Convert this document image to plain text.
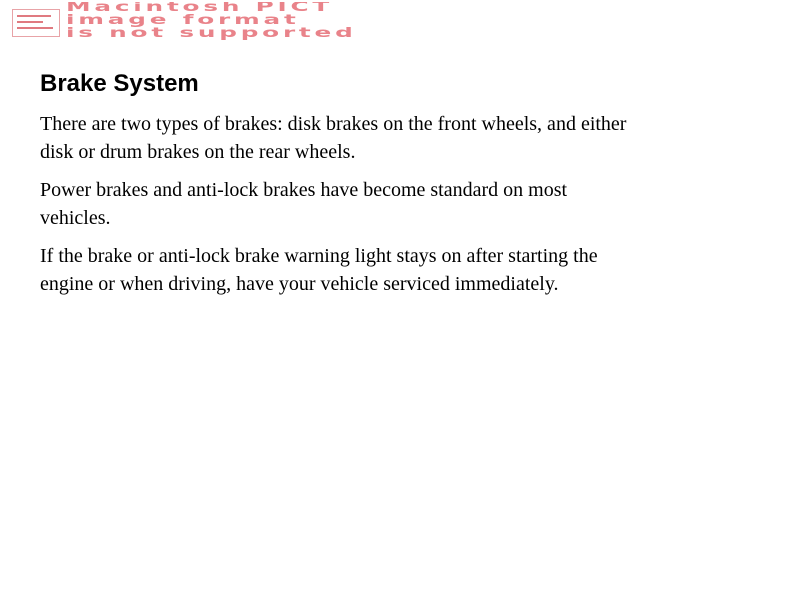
Macintosh PICT
image format
is not supported
Brake System

There are two types of brakes: disk brakes on the front wheels, and either disk or drum brakes on the rear wheels.

Power brakes and anti-lock brakes have become standard on most vehicles.

If the brake or anti-lock brake warning light stays on after starting the engine or when driving, have your vehicle serviced immediately.
